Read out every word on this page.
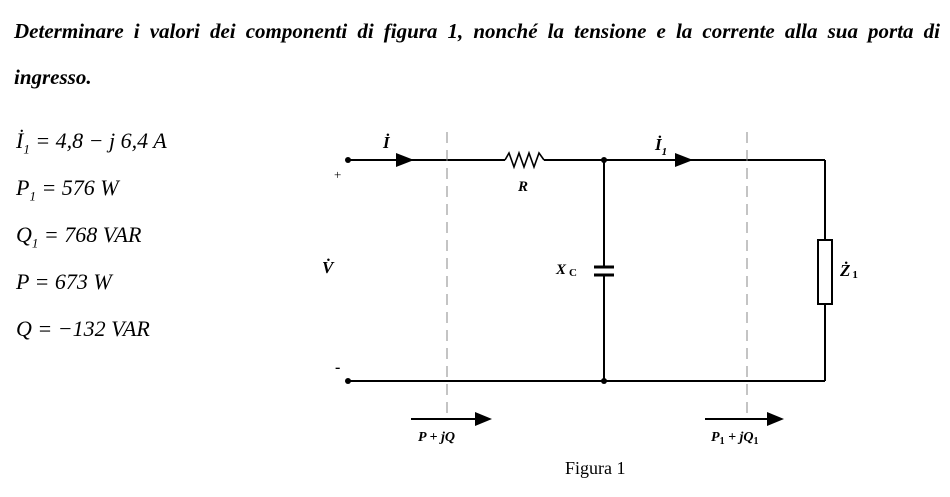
Determinare i valori dei componenti di figura 1, nonché la tensione e la corrente alla sua porta di ingresso.
$İ_1 = 4,8 - j$ 6,4 A
$P_1 = 576$ W
$Q_1 = 768$ VAR
P = 673 W
Q = −132 VAR
İ	$İ_1$
+
-
V̇
R
X C	Ż 1
P + jQ	$P_1 + jQ_1$
Figura 1
